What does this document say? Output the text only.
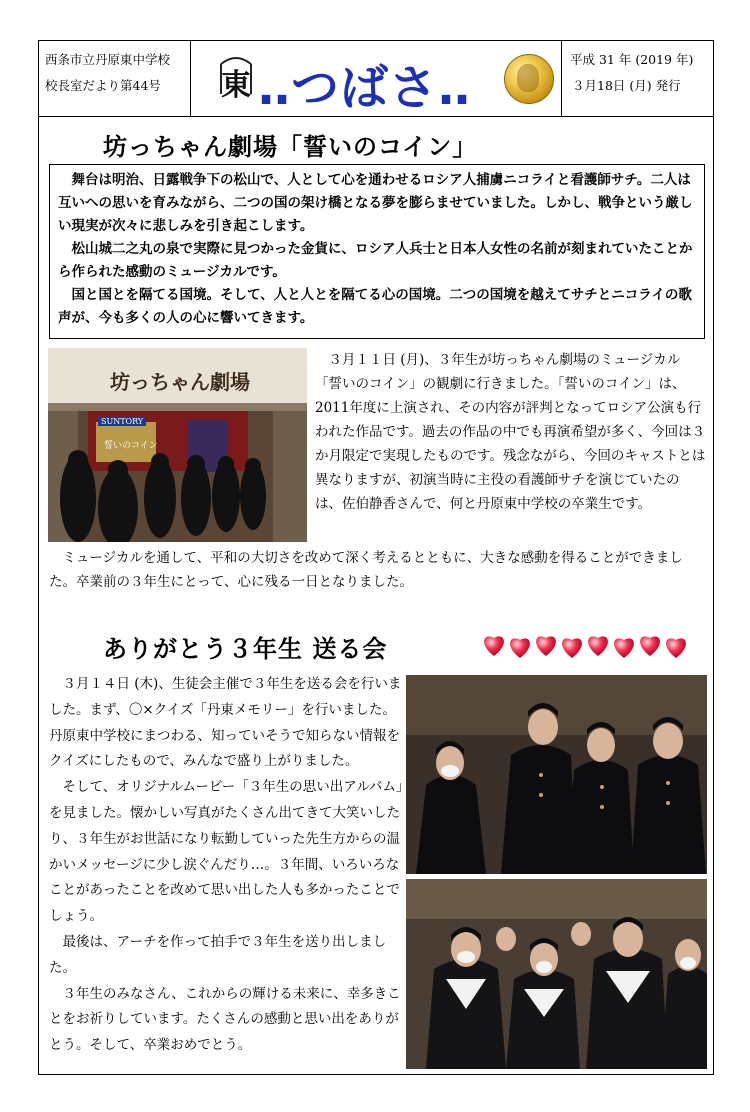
西条市立丹原東中学校
校長室だより第44号	東 ‥つばさ‥
平成 31 年 (2019 年)
３月18日 (月) 発行
坊っちゃん劇場「誓いのコイン」

舞台は明治、日露戦争下の松山で、人として心を通わせるロシア人捕虜ニコライと看護師サチ。二人は互いへの思いを育みながら、二つの国の架け橋となる夢を膨らませていました。しかし、戦争という厳しい現実が次々に悲しみを引き起こします。

松山城二之丸の泉で実際に見つかった金貨に、ロシア人兵士と日本人女性の名前が刻まれていたことから作られた感動のミュージカルです。

国と国とを隔てる国境。そして、人と人とを隔てる心の国境。二つの国境を越えてサチとニコライの歌声が、今も多くの人の心に響いてきます。

坊っちゃん劇場
SUNTORY
誓いのコイン

３月１１日 (月)、３年生が坊っちゃん劇場のミュージカル「誓いのコイン」の観劇に行きました。「誓いのコイン」は、2011年度に上演され、その内容が評判となってロシア公演も行われた作品です。過去の作品の中でも再演希望が多く、今回は３か月限定で実現したものです。残念ながら、今回のキャストとは異なりますが、初演当時に主役の看護師サチを演じていたのは、佐伯静香さんで、何と丹原東中学校の卒業生です。

ミュージカルを通して、平和の大切さを改めて深く考えるとともに、大きな感動を得ることができました。卒業前の３年生にとって、心に残る一日となりました。

ありがとう３年生 送る会

３月１４日 (木)、生徒会主催で３年生を送る会を行いました。まず、〇×クイズ「丹東メモリー」を行いました。丹原東中学校にまつわる、知っていそうで知らない情報をクイズにしたもので、みんなで盛り上がりました。

そして、オリジナルムービー「３年生の思い出アルバム」を見ました。懐かしい写真がたくさん出てきて大笑いしたり、３年生がお世話になり転勤していった先生方からの温かいメッセージに少し涙ぐんだり…。３年間、いろいろなことがあったことを改めて思い出した人も多かったことでしょう。

最後は、アーチを作って拍手で３年生を送り出しました。

３年生のみなさん、これからの輝ける未来に、幸多きことをお祈りしています。たくさんの感動と思い出をありがとう。そして、卒業おめでとう。
